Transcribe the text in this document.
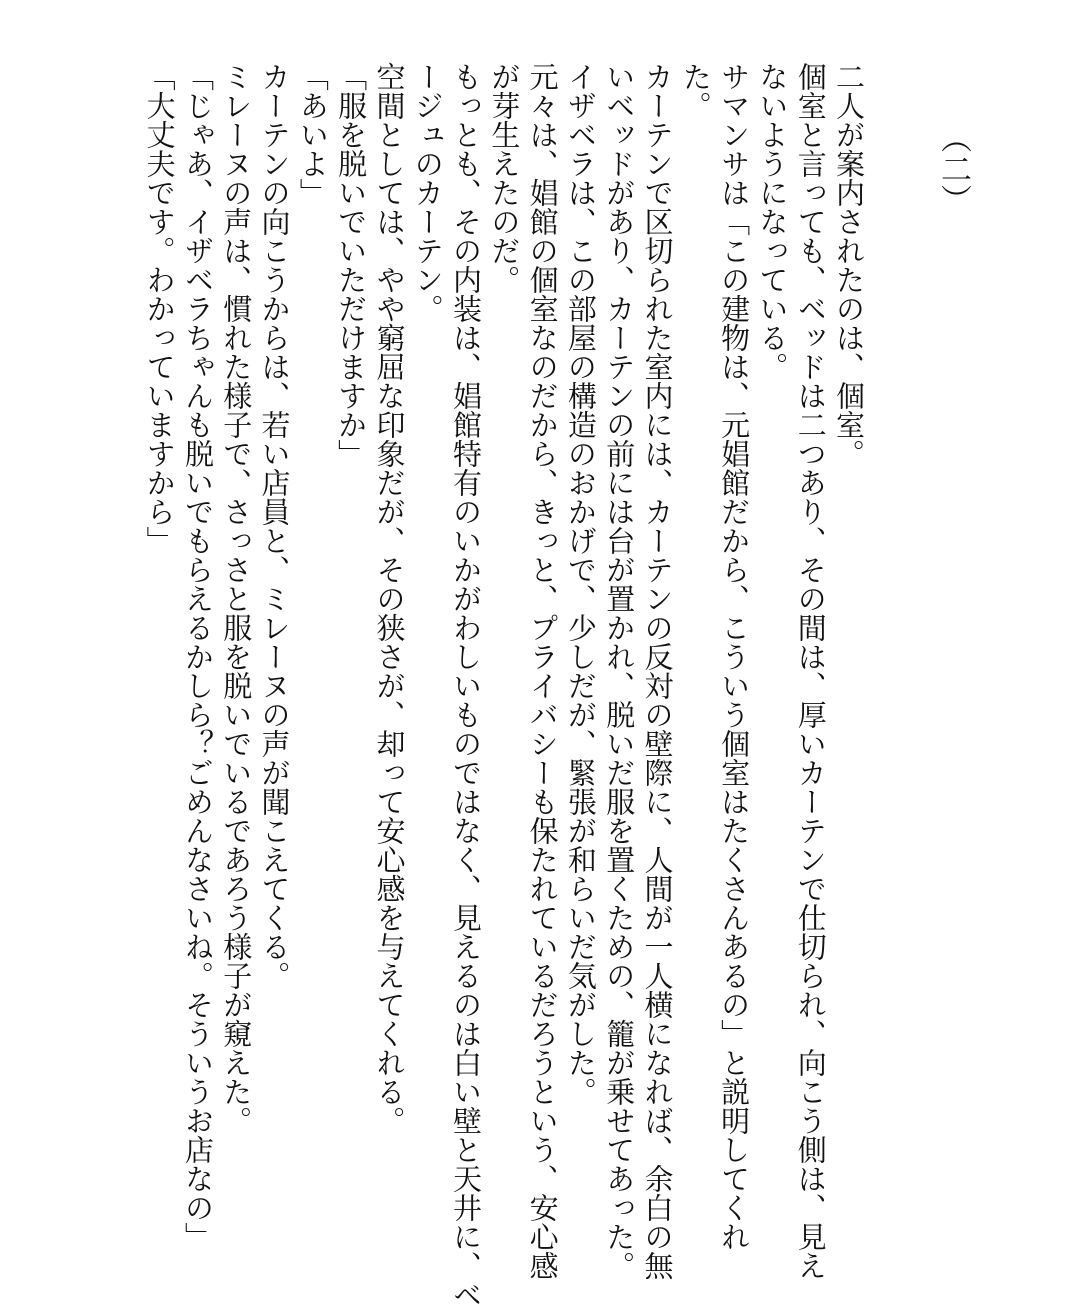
（二）
二人が案内されたのは、個室。
個室と言っても、ベッドは二つあり、その間は、厚いカーテンで仕切られ、向こう側は、見え
ないようになっている。
サマンサは「この建物は、元娼館だから、こういう個室はたくさんあるの」と説明してくれ
た。
カーテンで区切られた室内には、カーテンの反対の壁際に、人間が一人横になれば、余白の無
いベッドがあり、カーテンの前には台が置かれ、脱いだ服を置くための、籠が乗せてあった。
イザベラは、この部屋の構造のおかげで、少しだが、緊張が和らいだ気がした。
元々は、娼館の個室なのだから、きっと、プライバシーも保たれているだろうという、安心感
が芽生えたのだ。
もっとも、その内装は、娼館特有のいかがわしいものではなく、見えるのは白い壁と天井に、ベ
ージュのカーテン。
空間としては、やや窮屈な印象だが、その狭さが、却って安心感を与えてくれる。
「服を脱いでいただけますか」
「あいよ」
カーテンの向こうからは、若い店員と、ミレーヌの声が聞こえてくる。
ミレーヌの声は、慣れた様子で、さっさと服を脱いでいるであろう様子が窺えた。
「じゃあ、イザベラちゃんも脱いでもらえるかしら？ごめんなさいね。そういうお店なの」
「大丈夫です。わかっていますから」
